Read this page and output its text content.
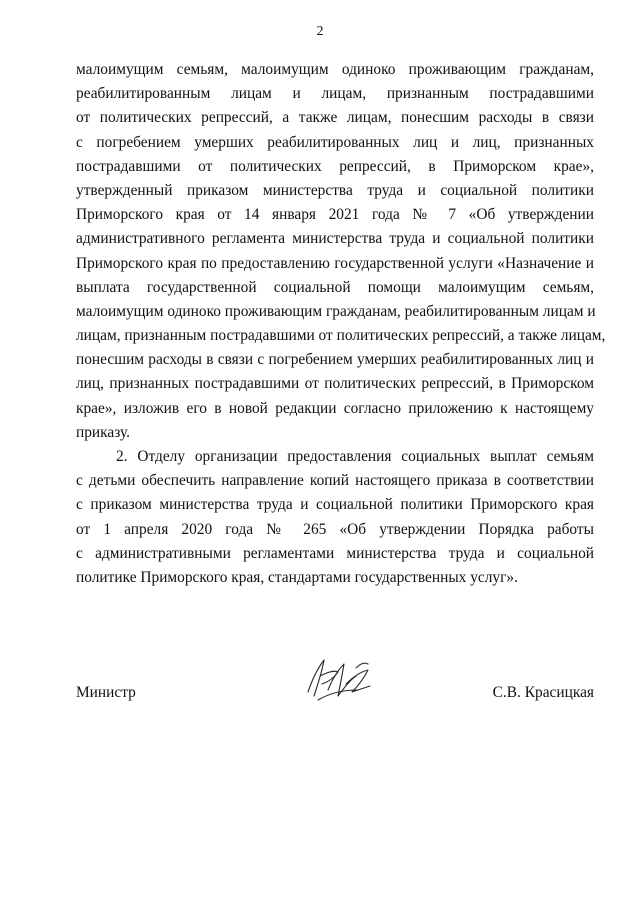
2
малоимущим семьям, малоимущим одиноко проживающим гражданам,
реабилитированным лицам и лицам, признанным пострадавшими
от политических репрессий, а также лицам, понесшим расходы в связи
с погребением умерших реабилитированных лиц и лиц, признанных
пострадавшими от политических репрессий, в Приморском крае»,
утвержденный приказом министерства труда и социальной политики
Приморского края от 14 января 2021 года № 7 «Об утверждении
административного регламента министерства труда и социальной политики
Приморского края по предоставлению государственной услуги «Назначение и
выплата государственной социальной помощи малоимущим семьям,
малоимущим одиноко проживающим гражданам, реабилитированным лицам и
лицам, признанным пострадавшими от политических репрессий, а также лицам,
понесшим расходы в связи с погребением умерших реабилитированных лиц и
лиц, признанных пострадавшими от политических репрессий, в Приморском
крае», изложив его в новой редакции согласно приложению к настоящему
приказу.
2. Отделу организации предоставления социальных выплат семьям
с детьми обеспечить направление копий настоящего приказа в соответствии
с приказом министерства труда и социальной политики Приморского края
от 1 апреля 2020 года № 265 «Об утверждении Порядка работы
с административными регламентами министерства труда и социальной
политике Приморского края, стандартами государственных услуг».
Министр	С.В. Красицкая
